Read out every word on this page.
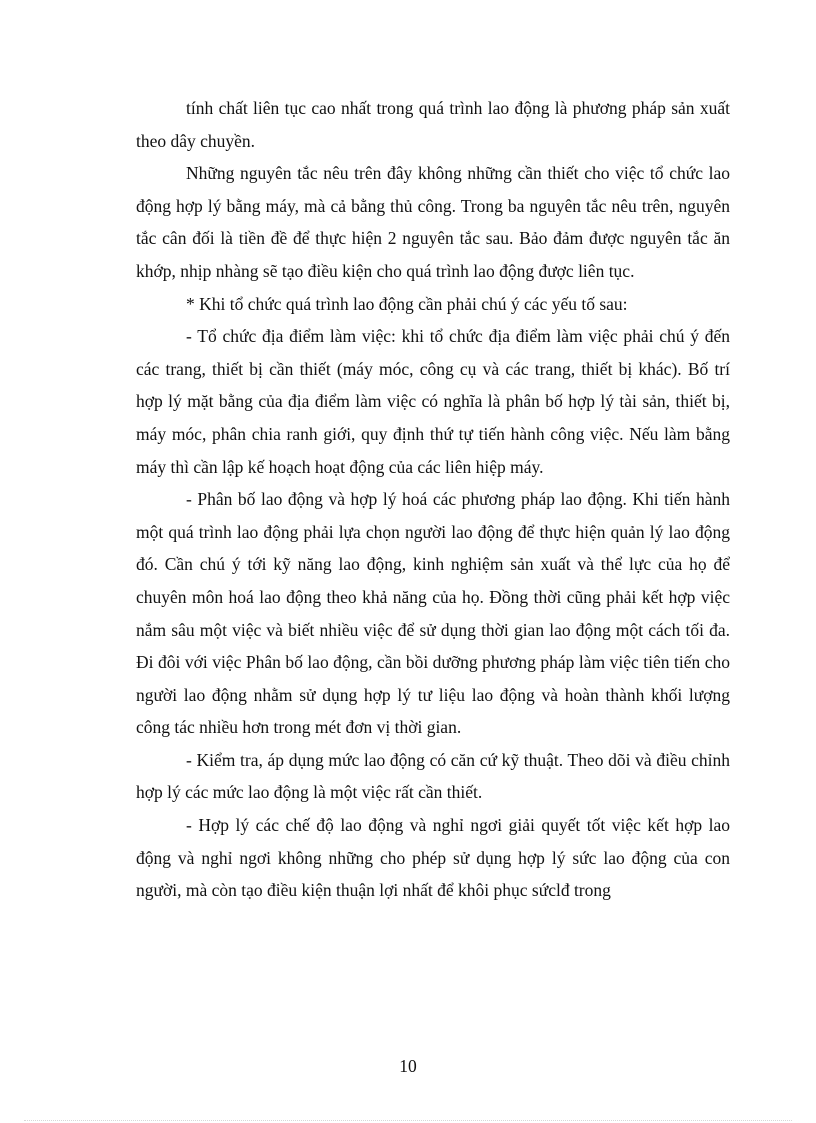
tính chất liên tục cao nhất trong quá trình lao động là phương pháp sản xuất theo dây chuyền.

Những nguyên tắc nêu trên đây không những cần thiết cho việc tổ chức lao động hợp lý bằng máy, mà cả bằng thủ công. Trong ba nguyên tắc nêu trên, nguyên tắc cân đối là tiền đề để thực hiện 2 nguyên tắc sau. Bảo đảm được nguyên tắc ăn khớp, nhịp nhàng sẽ tạo điều kiện cho quá trình lao động được liên tục.

* Khi tổ chức quá trình lao động cần phải chú ý các yếu tố sau:

- Tổ chức địa điểm làm việc: khi tổ chức địa điểm làm việc phải chú ý đến các trang, thiết bị cần thiết (máy móc, công cụ và các trang, thiết bị khác). Bố trí hợp lý mặt bằng của địa điểm làm việc có nghĩa là phân bố hợp lý tài sản, thiết bị, máy móc, phân chia ranh giới, quy định thứ tự tiến hành công việc. Nếu làm bằng máy thì cần lập kế hoạch hoạt động của các liên hiệp máy.

- Phân bố lao động và hợp lý hoá các phương pháp lao động. Khi tiến hành một quá trình lao động phải lựa chọn người lao động để thực hiện quản lý lao động đó. Cần chú ý tới kỹ năng lao động, kinh nghiệm sản xuất và thể lực của họ để chuyên môn hoá lao động theo khả năng của họ. Đồng thời cũng phải kết hợp việc nắm sâu một việc và biết nhiều việc để sử dụng thời gian lao động một cách tối đa. Đi đôi với việc Phân bố lao động, cần bồi dưỡng phương pháp làm việc tiên tiến cho người lao động nhằm sử dụng hợp lý tư liệu lao động và hoàn thành khối lượng công tác nhiều hơn trong mét đơn vị thời gian.

- Kiểm tra, áp dụng mức lao động có căn cứ kỹ thuật. Theo dõi và điều chỉnh hợp lý các mức lao động là một việc rất cần thiết.

- Hợp lý các chế độ lao động và nghỉ ngơi giải quyết tốt việc kết hợp lao động và nghỉ ngơi không những cho phép sử dụng hợp lý sức lao động của con người, mà còn tạo điều kiện thuận lợi nhất để khôi phục sứclđ trong

10
